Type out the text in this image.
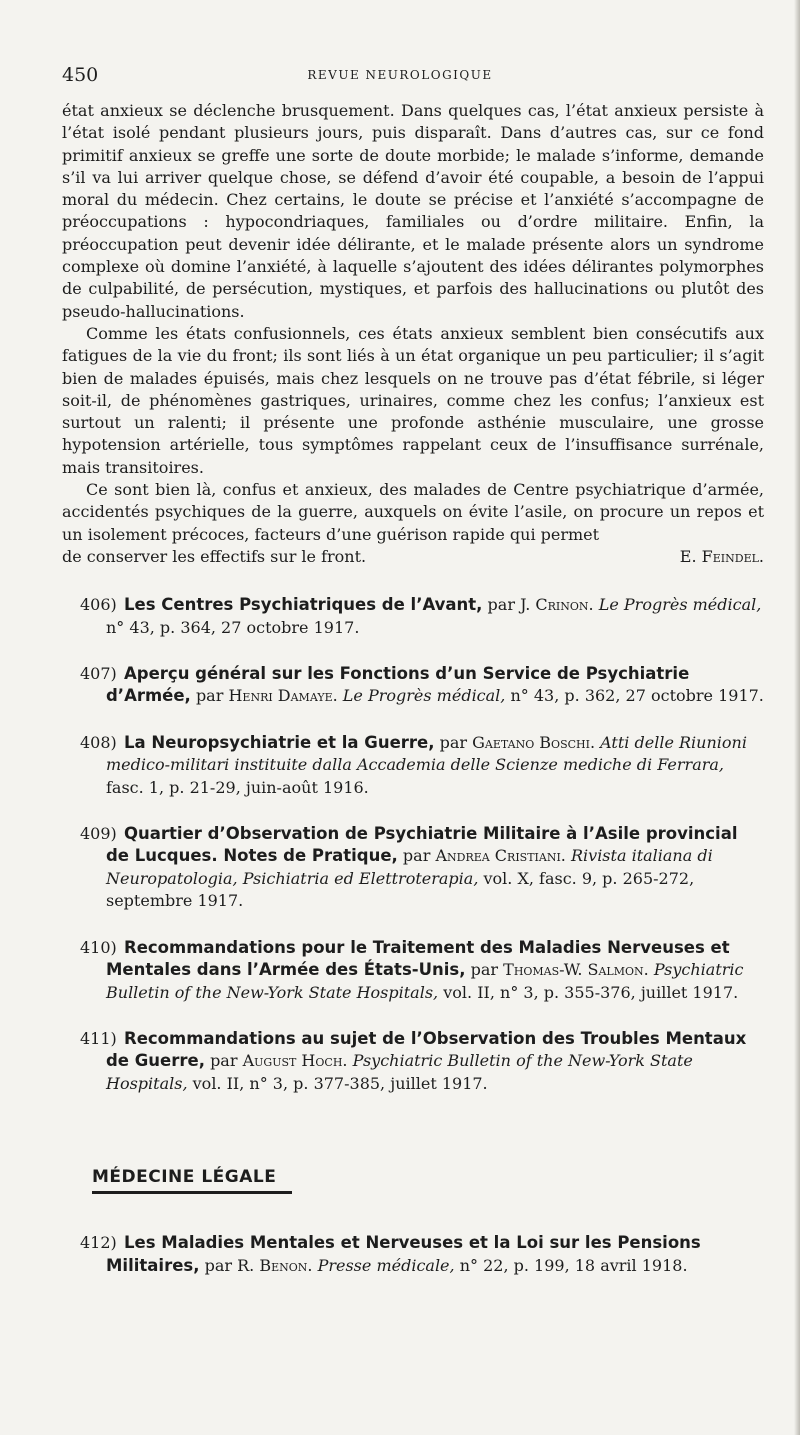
450	REVUE NEUROLOGIQUE

état anxieux se déclenche brusquement. Dans quelques cas, l’état anxieux persiste à l’état isolé pendant plusieurs jours, puis disparaît. Dans d’autres cas, sur ce fond primitif anxieux se greffe une sorte de doute morbide; le malade s’informe, demande s’il va lui arriver quelque chose, se défend d’avoir été coupable, a besoin de l’appui moral du médecin. Chez certains, le doute se précise et l’anxiété s’accompagne de préoccupations : hypocondriaques, familiales ou d’ordre militaire. Enfin, la préoccupation peut devenir idée délirante, et le malade présente alors un syndrome complexe où domine l’anxiété, à laquelle s’ajoutent des idées délirantes polymorphes de culpabilité, de persécution, mystiques, et parfois des hallucinations ou plutôt des pseudo-hallucinations.

Comme les états confusionnels, ces états anxieux semblent bien consécutifs aux fatigues de la vie du front; ils sont liés à un état organique un peu particulier; il s’agit bien de malades épuisés, mais chez lesquels on ne trouve pas d’état fébrile, si léger soit-il, de phénomènes gastriques, urinaires, comme chez les confus; l’anxieux est surtout un ralenti; il présente une profonde asthénie musculaire, une grosse hypotension artérielle, tous symptômes rappelant ceux de l’insuffisance surrénale, mais transitoires.

Ce sont bien là, confus et anxieux, des malades de Centre psychiatrique d’armée, accidentés psychiques de la guerre, auxquels on évite l’asile, on procure un repos et un isolement précoces, facteurs d’une guérison rapide qui permet

de conserver les effectifs sur le front.	E. Feindel.

406) Les Centres Psychiatriques de l’Avant, par J. Crinon. Le Progrès médical, n° 43, p. 364, 27 octobre 1917.

407) Aperçu général sur les Fonctions d’un Service de Psychiatrie d’Armée, par Henri Damaye. Le Progrès médical, n° 43, p. 362, 27 octobre 1917.

408) La Neuropsychiatrie et la Guerre, par Gaetano Boschi. Atti delle Riunioni medico-militari instituite dalla Accademia delle Scienze mediche di Ferrara, fasc. 1, p. 21-29, juin-août 1916.

409) Quartier d’Observation de Psychiatrie Militaire à l’Asile provincial de Lucques. Notes de Pratique, par Andrea Cristiani. Rivista italiana di Neuropatologia, Psichiatria ed Elettroterapia, vol. X, fasc. 9, p. 265-272, septembre 1917.

410) Recommandations pour le Traitement des Maladies Nerveuses et Mentales dans l’Armée des États-Unis, par Thomas-W. Salmon. Psychiatric Bulletin of the New-York State Hospitals, vol. II, n° 3, p. 355-376, juillet 1917.

411) Recommandations au sujet de l’Observation des Troubles Mentaux de Guerre, par August Hoch. Psychiatric Bulletin of the New-York State Hospitals, vol. II, n° 3, p. 377-385, juillet 1917.

MÉDECINE LÉGALE

412) Les Maladies Mentales et Nerveuses et la Loi sur les Pensions Militaires, par R. Benon. Presse médicale, n° 22, p. 199, 18 avril 1918.
